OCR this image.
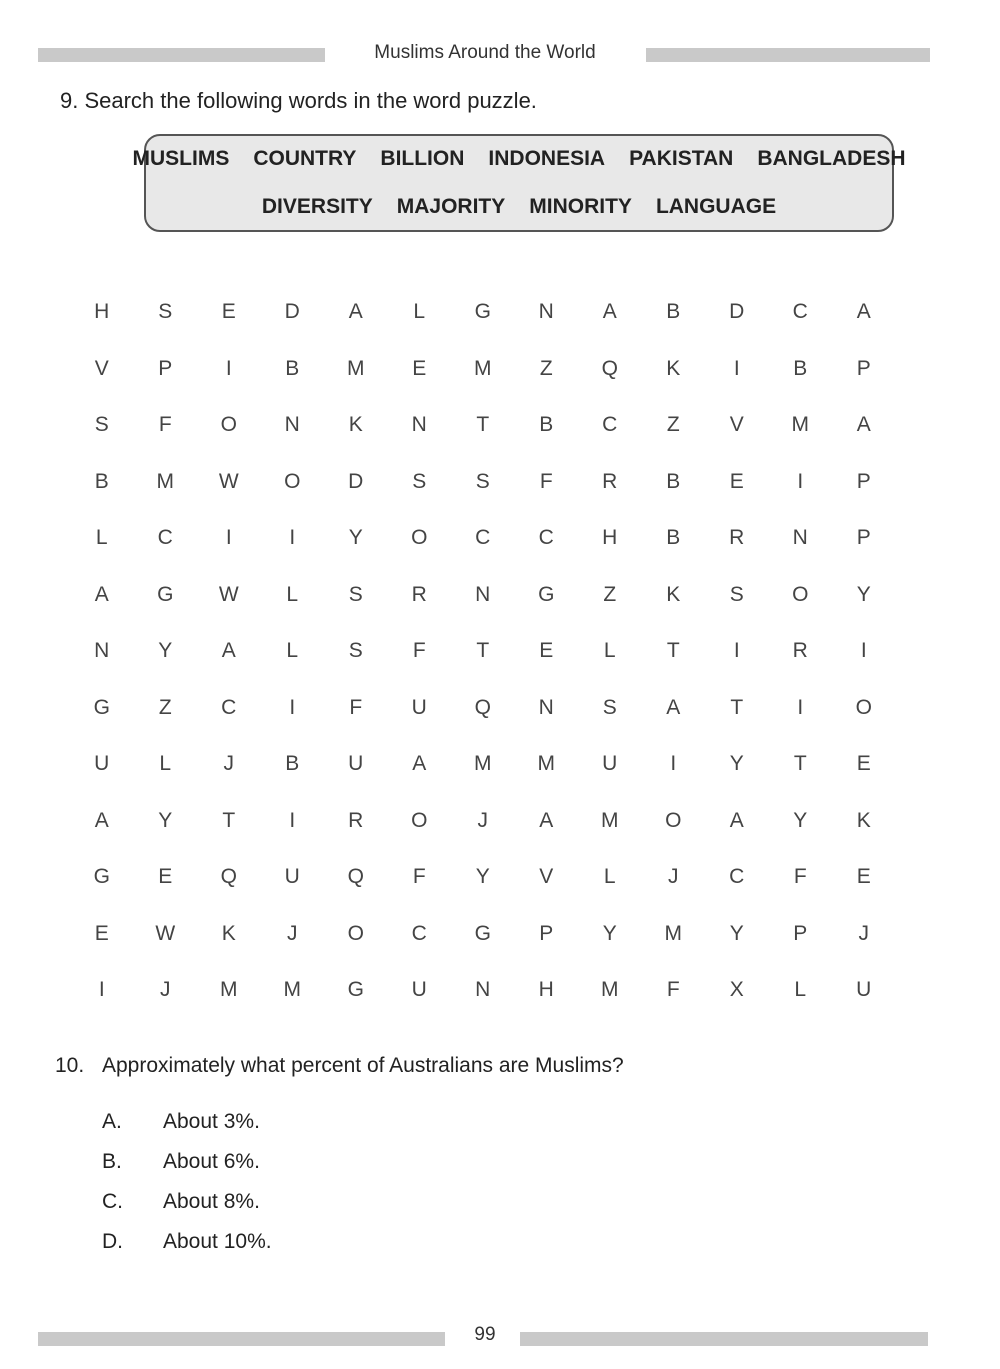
Muslims Around the World
9. Search the following words in the word puzzle.
MUSLIMS COUNTRY BILLION INDONESIA PAKISTAN BANGLADESH
DIVERSITY MAJORITY MINORITY LANGUAGE
H	S	E	D	A	L	G	N	A	B	D	C	A
V	P	I	B	M	E	M	Z	Q	K	I	B	P
S	F	O	N	K	N	T	B	C	Z	V	M	A
B	M	W	O	D	S	S	F	R	B	E	I	P
L	C	I	I	Y	O	C	C	H	B	R	N	P
A	G	W	L	S	R	N	G	Z	K	S	O	Y
N	Y	A	L	S	F	T	E	L	T	I	R	I
G	Z	C	I	F	U	Q	N	S	A	T	I	O
U	L	J	B	U	A	M	M	U	I	Y	T	E
A	Y	T	I	R	O	J	A	M	O	A	Y	K
G	E	Q	U	Q	F	Y	V	L	J	C	F	E
E	W	K	J	O	C	G	P	Y	M	Y	P	J
I	J	M	M	G	U	N	H	M	F	X	L	U
10. Approximately what percent of Australians are Muslims?
A.	About 3%.
B.	About 6%.
C.	About 8%.
D.	About 10%.
99
